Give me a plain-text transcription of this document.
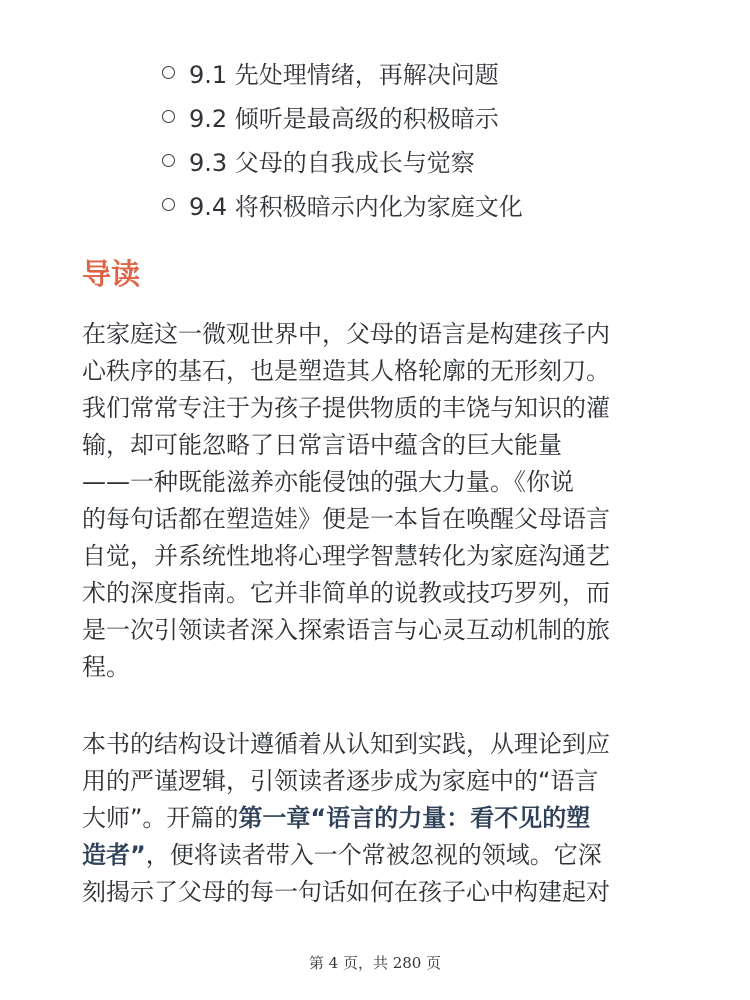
9.1 先处理情绪，再解决问题
9.2 倾听是最高级的积极暗示
9.3 父母的自我成长与觉察
9.4 将积极暗示内化为家庭文化
导读
在家庭这一微观世界中，父母的语言是构建孩子内
心秩序的基石，也是塑造其人格轮廓的无形刻刀。
我们常常专注于为孩子提供物质的丰饶与知识的灌
输，却可能忽略了日常言语中蕴含的巨大能量
——一种既能滋养亦能侵蚀的强大力量。《你说
的每句话都在塑造娃》便是一本旨在唤醒父母语言
自觉，并系统性地将心理学智慧转化为家庭沟通艺
术的深度指南。它并非简单的说教或技巧罗列，而
是一次引领读者深入探索语言与心灵互动机制的旅
程。
本书的结构设计遵循着从认知到实践，从理论到应
用的严谨逻辑，引领读者逐步成为家庭中的“语言
大师”。开篇的第一章“语言的力量：看不见的塑
造者”，便将读者带入一个常被忽视的领域。它深
刻揭示了父母的每一句话如何在孩子心中构建起对
第 4 页，共 280 页
